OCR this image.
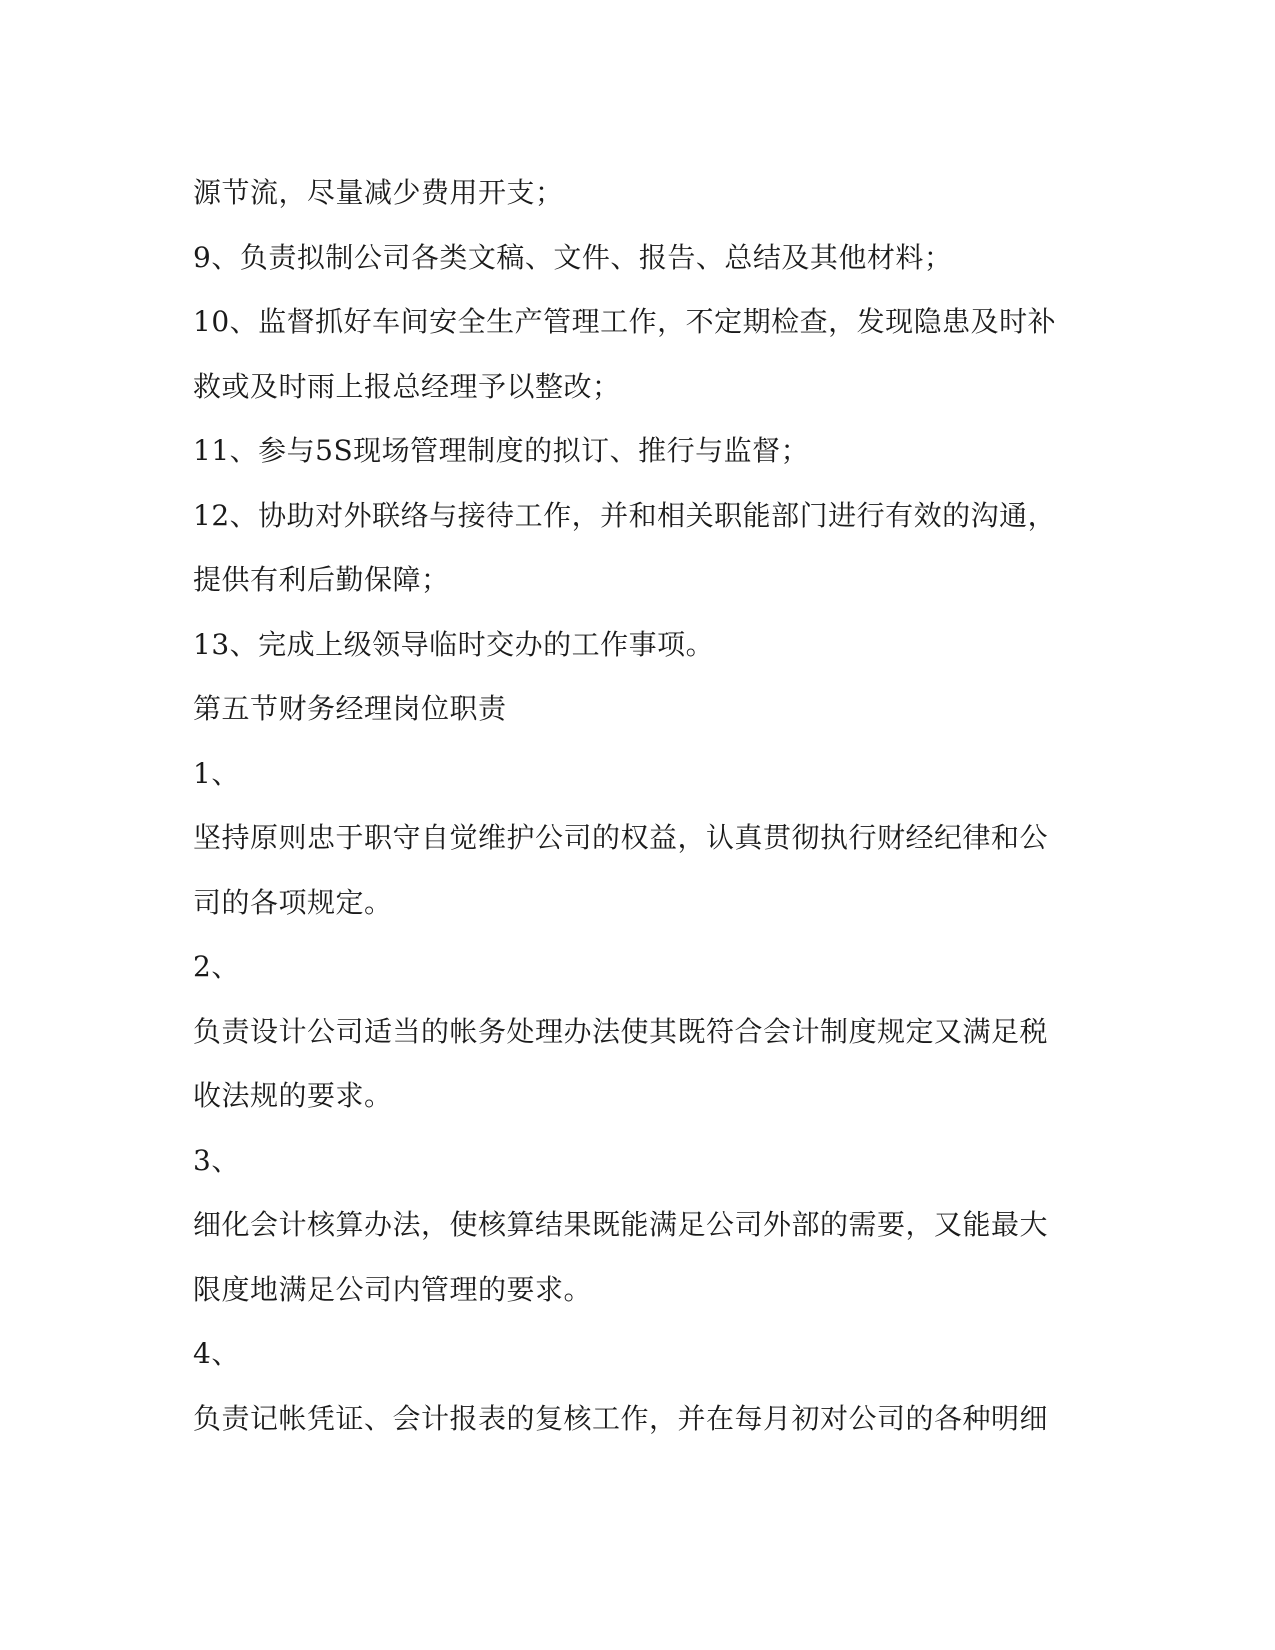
源节流，尽量减少费用开支；
9、负责拟制公司各类文稿、文件、报告、总结及其他材料；
10、监督抓好车间安全生产管理工作，不定期检查，发现隐患及时补
救或及时雨上报总经理予以整改；
11、参与5S现场管理制度的拟订、推行与监督；
12、协助对外联络与接待工作，并和相关职能部门进行有效的沟通，
提供有利后勤保障；
13、完成上级领导临时交办的工作事项。
第五节财务经理岗位职责
1、
坚持原则忠于职守自觉维护公司的权益，认真贯彻执行财经纪律和公
司的各项规定。
2、
负责设计公司适当的帐务处理办法使其既符合会计制度规定又满足税
收法规的要求。
3、
细化会计核算办法，使核算结果既能满足公司外部的需要，又能最大
限度地满足公司内管理的要求。
4、
负责记帐凭证、会计报表的复核工作，并在每月初对公司的各种明细
